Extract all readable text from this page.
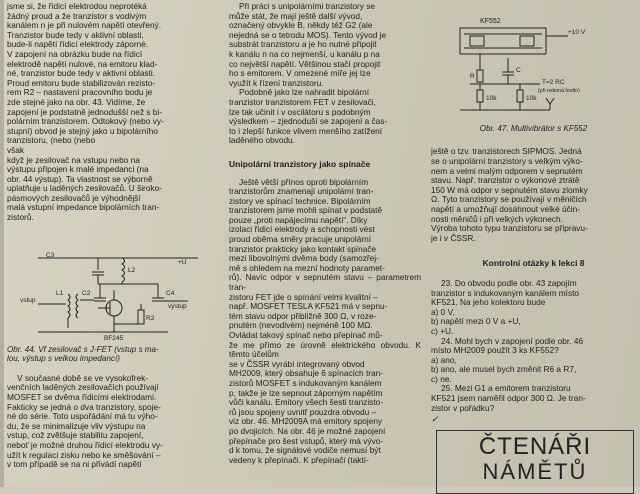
jsme si, že řídicí elektrodou neprotéká
žádný proud a že tranzistor s vodivým
kanálem n je při nulovém napětí otevřený.
Tranzistor bude tedy v aktivní oblasti,
bude-li napětí řídicí elektrody záporné.
V zapojení na obrázku bude na řídicí
elektrodě napětí nulové, na emitoru klad-
né, tranzistor bude tedy v aktivní oblasti.
Proud emitoru bude stabilizován rezisto-
rem R2 – nastavení pracovního bodu je
zde stejné jako na obr. 43. Vidíme, že
zapojení je podstatně jednodušší než s bi-
polárním tranzistorem. Odtokový (nebo vy-
stupní) obvod je stejný jako u bipolárního
tranzistoru, (nebo (nebo
však
když je zesilovač na vstupu nebo na
výstupu připojen k malé impedanci (na
obr. 44 výstup). Ta vlastnost se výborně
uplatňuje u laděných zesilovačů. U široko-
pásmových zesilovačů je výhodnější
malá vstupní impedance bipolárních tran-
zistorů.

C3
L2
C4
+U
C2
výstup
L1
vstup
R2
BF245

Obr. 44. Vf zesilovač s J-FET (vstup s ma-
lou, výstup s velkou impedancí)

V současné době se ve vysokofrek-
venčních laděných zesilovačích používají
MOSFET se dvěma řídicími elektrodami.
Fakticky se jedná o dva tranzistory, spoje-
né do série. Toto uspořádání má tu výho-
du, že se minimalizuje vliv výstupu na
vstup, což zvětšuje stabilitu zapojení,
neboť je možné druhou řídicí elektrodu vy-
užít k regulaci zisku nebo ke směšování –
v tom případě se na ni přivádí napětí

Při práci s unipolárními tranzistory se
může stát, že mají ještě další vývod,
označený obvykle B, někdy též G2 (ale
nejedná se o tetrodu MOS). Tento vývod je
substrát tranzistoru a je ho nutné připojit
k kanálu n na co nejmenší, u kanálu p na
co největší napětí. Většinou stačí propojit
ho s emitorem. V omezené míře jej lze
využít k řízení tranzistoru.

Podobně jako lze nahradit bipolární
tranzistor tranzistorem FET v zesilovači,
lze tak učinit i v oscilátoru s podobným
výsledkem – zjednoduší se zapojení a čas-
to i zlepší funkce vlivem menšího zatížení
laděného obvodu.

Unipolární tranzistory jako spínače

Ještě větší přínos oproti bipolárním
tranzistorům znamenají unipolární tran-
zistory ve spínací technice. Bipolárním
tranzistorem jsme mohli spínat v podstatě
pouze „proti napájecímu napětí“. Díky
izolaci řídicí elektrody a schopnosti vést
proud oběma směry pracuje unipolární
tranzistor prakticky jako kontakt spínače
mezi libovolnými dvěma body (samozřej-
mě s ohledem na mezní hodnoty paramet-
rů). Navíc odpor v sepnutém stavu – parametrem tran-
zistoru FET jde o spínání velmi kvalitní –
např. MOSFET TESLA KF521 má v sepnu-
tém stavu odpor přibližně 300 Ω, v roze-
pnutém (nevodivém) nejméně 100 MΩ.
Ovládat takový spínač nebo přepínač mů-
že me přímo ze úrovně elektrického obvodu. K těmto účelům
se v ČSSR vyrábí integrovaný obvod
MH2009, který obsahuje 6 spínacích tran-
zistorů MOSFET s indukovaným kanálem
p, takže je lze sepnout záporným napětím
vůči kanálu. Emitory všech šesti tranzisto-
rů jsou spojeny uvnitř pouzdra obvodu –
viz obr. 46. MH2009A má emitory spojeny
po dvojicích. Na obr. 46 je možné zapojení
přepínače pro šest vstupů, který má vývo-
d k tomu, že signálové vodiče nemusí být
vedeny k přepínači. K přepínači (taktí-

KF552
+10 V
R
C
T=2 RC
(při nekoná hodin)
10k	10k

Obr. 47. Multivibrátor s KF552

ještě o tzv. tranzistorech SIPMOS. Jedná
se o unipolární tranzistory s velkým výko-
nem a velmi malým odporem v sepnutém
stavu. Např. tranzistor o výkonové ztrátě
150 W má odpor v sepnutém stavu zlomky
Ω. Tyto tranzistory se používají v měničích
napětí a umožňují dosáhnout velké účin-
nosti měničů i při velkých výkonech.
Výroba tohoto typu tranzistoru se připravu-
je i v ČSSR.

Kontrolní otázky k lekci 8

23. Do obvodu podle obr. 43 zapojím
tranzistor s indukovaným kanálem místo
KF521. Na jeho kolektoru bude

a) 0 V,

b) napětí mezi 0 V a +U,

c) +U.

24. Mohl bych v zapojení podle obr. 46
místo MH2009 použít 3 ks KF552?

a) ano,

b) ano, ale musel bych změnit R6 a R7,

c) ne.

25. Mezi G1 a emitorem tranzistoru
KF521 jsem naměřil odpor 300 Ω. Je tran-
zistor v pořádku?

✓

ČTENÁŘI
NÁMĚTŮ
